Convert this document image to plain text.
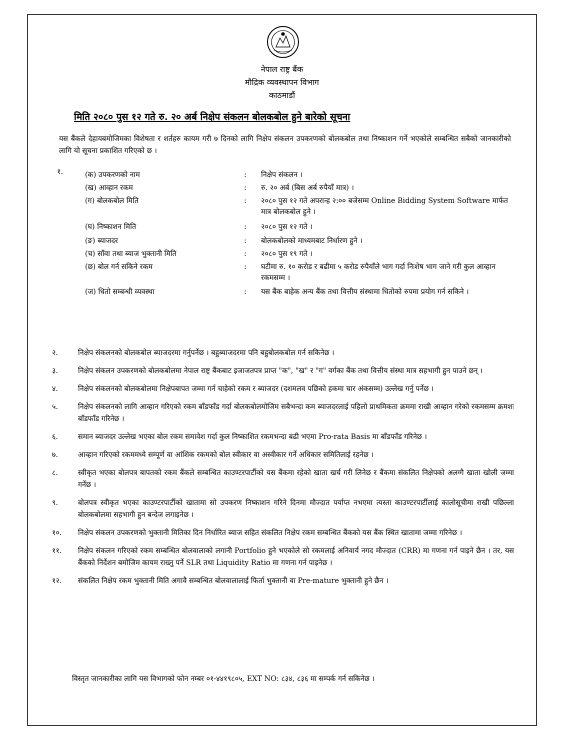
नेपाल राष्ट्र बैंक
मौद्रिक व्यवस्थापन विभाग
काठमाडौं
मिति २०८० पुस १२ गते रु. २० अर्ब निक्षेप संकलन बोलकबोल हुने बारेको सूचना
यस बैंकले देहायबमोजिमका विशेषता र शर्तहरु कायम गरी ७ दिनको लागि निक्षेप संकलन उपकरणको बोलकबोल तथा निष्काशन गर्ने भएकोले सम्बन्धित सबैको जानकारीको लागि यो सूचना प्रकाशित गरिएको छ ।
१.	(क) उपकरणको नाम	: निक्षेप संकलन ।
(ख) आव्हान रकम	: रु. २० अर्ब (बिस अर्ब रुपैयाँ मात्र) ।
(ग) बोलकबोल मिति	: २०८० पुस १२ गते अपरान्ह २:०० बजेसम्म Online Bidding System Software मार्फत मात्र बोलकबोल हुने ।
(घ) निष्काशन मिति	: २०८० पुस १२ गते ।
(ङ) ब्याजदर	: बोलकबोलको माध्यमबाट निर्धारण हुने ।
(च) साँवा तथा ब्याज भुक्तानी मिति	: २०८० पुस १९ गते ।
(छ) बोल गर्न सकिने रकम	: घटीमा रु. १० करोड र बढीमा ५ करोड रुपैयाँले भाग गर्दा निःशेष भाग जाने गरी कुल आव्हान रकमसम्म ।
(ज) धितो सम्बन्धी व्यवस्था	: यस बैंक बाहेक अन्य बैंक तथा वित्तीय संस्थामा धितोको रुपमा प्रयोग गर्न सकिने ।
२.	निक्षेप संकलनको बोलकबोल ब्याजदरमा गर्नुपर्नेछ । बहुब्याजदरमा पनि बहुबोलकबोल गर्न सकिनेछ ।
३.	निक्षेप संकलन उपकरणको बोलकबोलमा नेपाल राष्ट्र बैंकबाट इजाजतपत्र प्राप्त "क", "ख" र "ग" वर्गका बैंक तथा वित्तीय संस्था मात्र सहभागी हुन पाउने छन् ।
४.	निक्षेप संकलनको बोलकबोलमा निक्षेपबापत जम्मा गर्न चाहेको रकम र ब्याजदर (दशमलव पछिको हकमा चार अंकसम्म) उल्लेख गर्नु पर्नेछ ।
५.	निक्षेप संकलनको लागि आव्हान गरिएको रकम बाँडफाँड गर्दा बोलकबोलमोजिम सबैभन्दा कम ब्याजदरलाई पहिलो प्राथमिकता क्रममा राखी आव्हान गरेको रकमसम्म क्रमशः बाँडफाँड गरिनेछ ।
६.	समान ब्याजदर उल्लेख भएका बोल रकम समावेश गर्दा कुल निष्काशित रकमभन्दा बढी भएमा Pro-rata Basis मा बाँडफाँड गरिनेछ ।
७.	आव्हान गरिएको रकममध्ये सम्पूर्ण वा आंशिक रकमको बोल स्वीकार वा अस्वीकार गर्ने अधिकार समितिलाई रहनेछ ।
८.	स्वीकृत भएका बोलपत्र बापतको रकम बैंकले सम्बन्धित काउण्टरपार्टीको यस बैंकमा रहेको खाता खर्च गरी लिनेछ र बैंकमा संकलित निक्षेपको अलग्गै खाता खोली जम्मा गर्नेछ ।
९.	बोलपत्र स्वीकृत भएका काउण्टरपार्टीको खातामा सो उपकरण निष्काशन गरिने दिनमा मौज्दात पर्याप्त नभएमा त्यस्ता काउण्टरपार्टीलाई कालोसूचीमा राखी पछिल्ला बोलकबोलमा सहभागी हुन बन्देज लगाइनेछ ।
१०. निक्षेप संकलन उपकरणको भुक्तानी मितिका दिन निर्धारित ब्याज सहित संकलित निक्षेप रकम सम्बन्धित बैंकको यस बैंक स्थित खातामा जम्मा गरिनेछ ।
११. निक्षेप संकलन गरिएको रकम सम्बन्धित बोलवालाको लगानी Portfolio हुने भएकोले सो रकमलाई अनिवार्य नगद मौज्दात (CRR) मा गणना गर्न पाइने छैन । तर, यस बैंकको निर्देशन बमोजिम कायम राख्नु पर्ने SLR तथा Liquidity Ratio मा गणना गर्न पाइनेछ ।
१२. संकलित निक्षेप रकम भुक्तानी मिति अगावै सम्बन्धित बोलवालालाई फिर्ता भुक्तानी वा Pre-mature भुक्तानी हुने छैन ।
विस्तृत जानकारीका लागि यस विभागको फोन नम्बर ०१-४४१९८०५, EXT NO: ८३४, ८३६ मा सम्पर्क गर्न सकिनेछ ।
